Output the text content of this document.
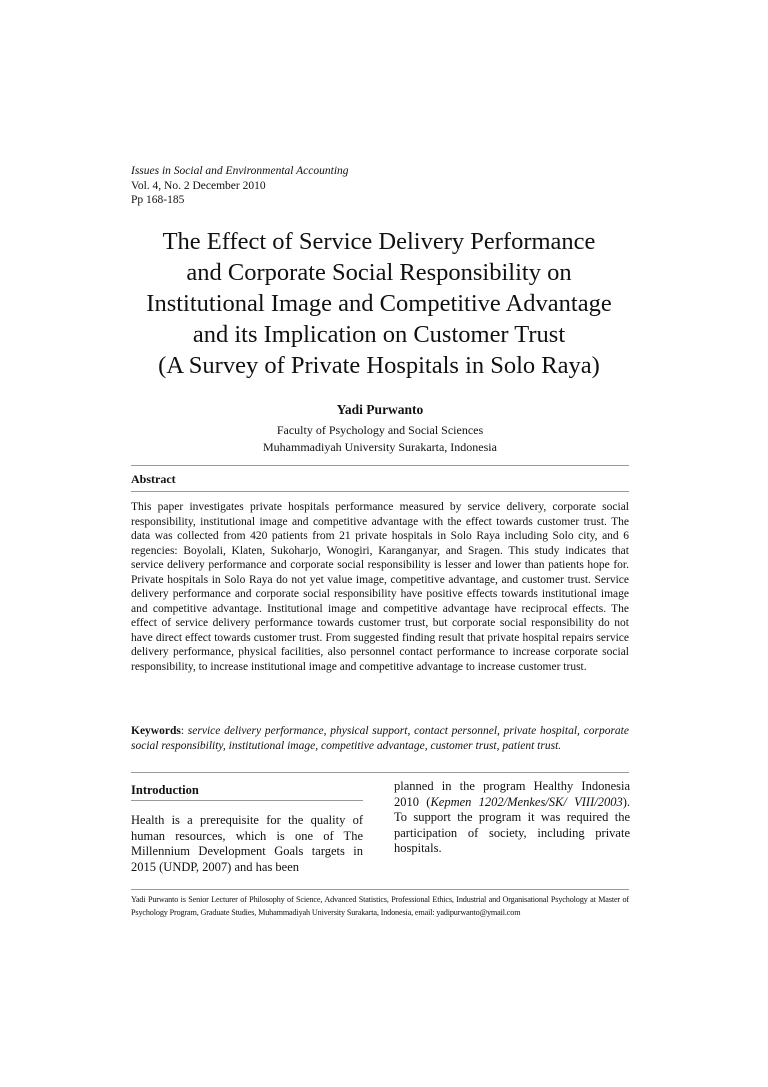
Issues in Social and Environmental Accounting
Vol. 4, No. 2 December 2010
Pp 168-185
The Effect of Service Delivery Performance
and Corporate Social Responsibility on
Institutional Image and Competitive Advantage
and its Implication on Customer Trust
(A Survey of Private Hospitals in Solo Raya)
Yadi Purwanto
Faculty of Psychology and Social Sciences
Muhammadiyah University Surakarta, Indonesia
Abstract
This paper investigates private hospitals performance measured by service delivery, corporate social responsibility, institutional image and competitive advantage with the effect towards customer trust. The data was collected from 420 patients from 21 private hospitals in Solo Raya including Solo city, and 6 regencies: Boyolali, Klaten, Sukoharjo, Wonogiri, Karanganyar, and Sragen. This study indicates that service delivery performance and corporate social responsibility is lesser and lower than patients hope for. Private hospitals in Solo Raya do not yet value image, competitive advantage, and customer trust. Service delivery performance and corporate social responsibility have positive effects towards institutional image and competitive advantage. Institutional image and competitive advantage have reciprocal effects. The effect of service delivery performance towards customer trust, but corporate social responsibility do not have direct effect towards customer trust. From suggested finding result that private hospital repairs service delivery performance, physical facilities, also personnel contact performance to increase corporate social responsibility, to increase institutional image and competitive advantage to increase customer trust.
Keywords: service delivery performance, physical support, contact personnel, private hospital, corporate social responsibility, institutional image, competitive advantage, customer trust, patient trust.
Introduction
Health is a prerequisite for the quality of human resources, which is one of The Millennium Development Goals targets in 2015 (UNDP, 2007) and has been
planned in the program Healthy Indonesia 2010 (Kepmen 1202/Menkes/SK/ VIII/2003). To support the program it was required the participation of society, including private hospitals.
Yadi Purwanto is Senior Lecturer of Philosophy of Science, Advanced Statistics, Professional Ethics, Industrial and Organisational Psychology at Master of Psychology Program, Graduate Studies, Muhammadiyah University Surakarta, Indonesia, email: yadipurwanto@ymail.com
